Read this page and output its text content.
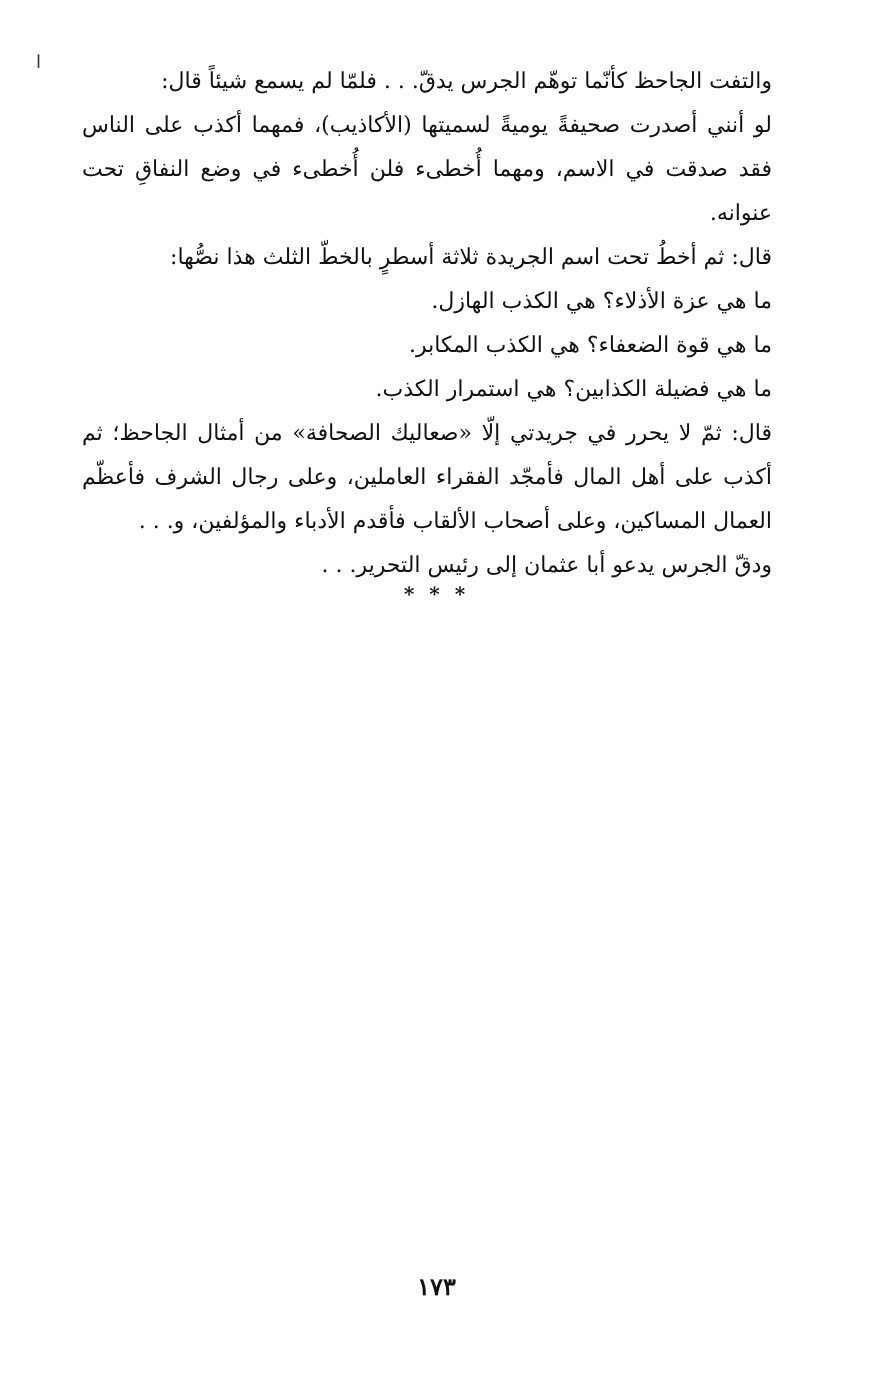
ا

والتفت الجاحظ كأنّما توهّم الجرس يدقّ. . . فلمّا لم يسمع شيئاً قال:

لو أنني أصدرت صحيفةً يوميةً لسميتها (الأكاذيب)، فمهما أكذب على الناس فقد صدقت في الاسم، ومهما أُخطىء فلن أُخطىء في وضع النفاقِ تحت عنوانه.

قال: ثم أخطُ تحت اسم الجريدة ثلاثة أسطرٍ بالخطّ الثلث هذا نصُّها:

ما هي عزة الأذلاء؟ هي الكذب الهازل.

ما هي قوة الضعفاء؟ هي الكذب المكابر.

ما هي فضيلة الكذابين؟ هي استمرار الكذب.

قال: ثمّ لا يحرر في جريدتي إلّا «صعاليك الصحافة» من أمثال الجاحظ؛ ثم أكذب على أهل المال فأمجّد الفقراء العاملين، وعلى رجال الشرف فأعظّم العمال المساكين، وعلى أصحاب الألقاب فأقدم الأدباء والمؤلفين، و. . .

ودقّ الجرس يدعو أبا عثمان إلى رئيس التحرير. . .

* * *
١٧٣
